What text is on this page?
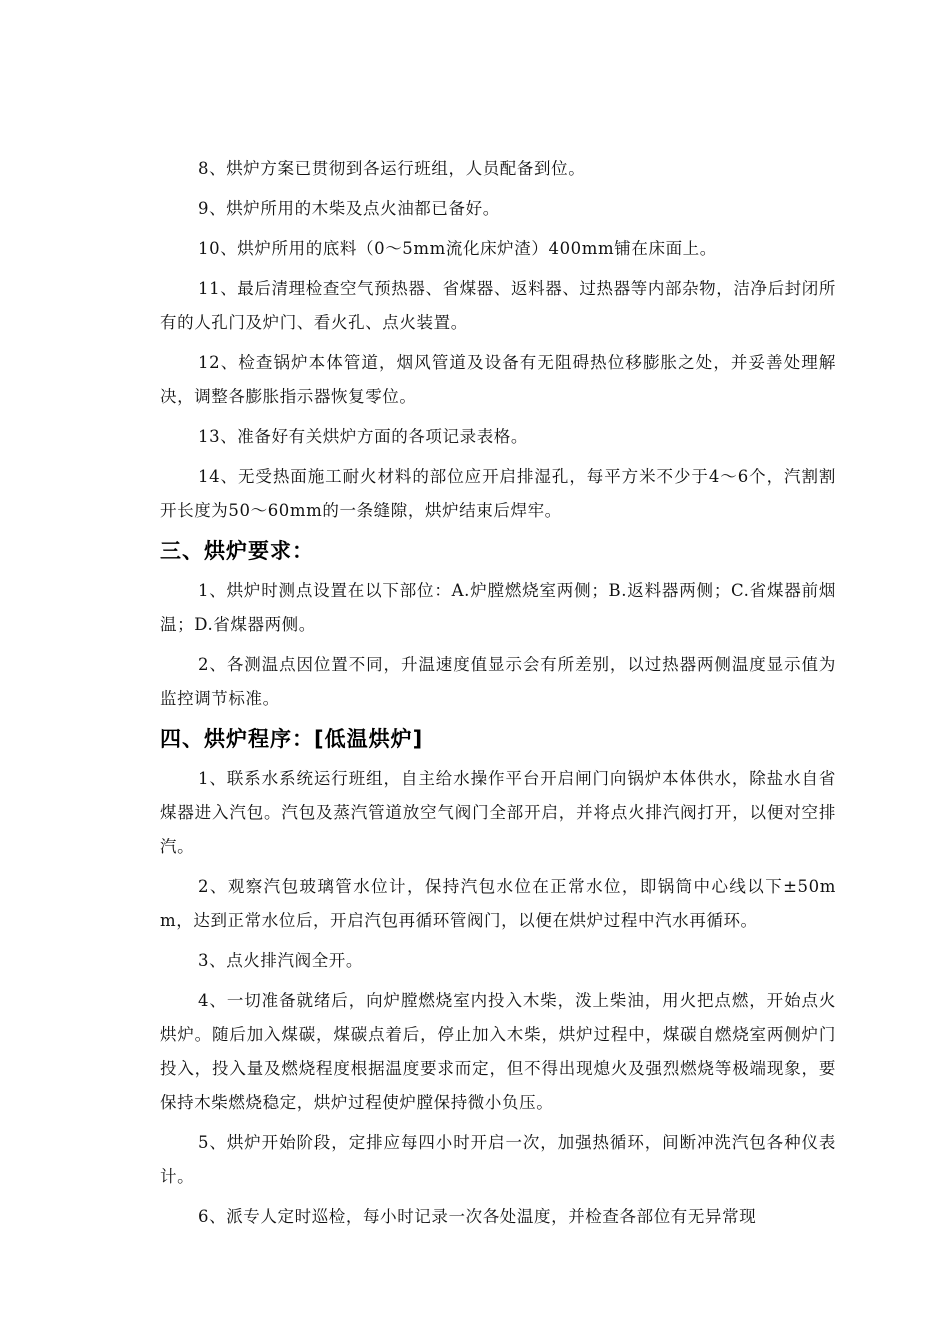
8、烘炉方案已贯彻到各运行班组，人员配备到位。

9、烘炉所用的木柴及点火油都已备好。

10、烘炉所用的底料（0～5mm流化床炉渣）400mm铺在床面上。

11、最后清理检查空气预热器、省煤器、返料器、过热器等内部杂物，洁净后封闭所有的人孔门及炉门、看火孔、点火装置。

12、检查锅炉本体管道，烟风管道及设备有无阻碍热位移膨胀之处，并妥善处理解决，调整各膨胀指示器恢复零位。

13、准备好有关烘炉方面的各项记录表格。

14、无受热面施工耐火材料的部位应开启排湿孔，每平方米不少于4～6个，汽割割开长度为50～60mm的一条缝隙，烘炉结束后焊牢。

三、烘炉要求：

1、烘炉时测点设置在以下部位：A.炉膛燃烧室两侧；B.返料器两侧；C.省煤器前烟温；D.省煤器两侧。

2、各测温点因位置不同，升温速度值显示会有所差别，以过热器两侧温度显示值为监控调节标准。

四、烘炉程序：[低温烘炉]

1、联系水系统运行班组，自主给水操作平台开启闸门向锅炉本体供水，除盐水自省煤器进入汽包。汽包及蒸汽管道放空气阀门全部开启，并将点火排汽阀打开，以便对空排汽。

2、观察汽包玻璃管水位计，保持汽包水位在正常水位，即锅筒中心线以下±50mm，达到正常水位后，开启汽包再循环管阀门，以便在烘炉过程中汽水再循环。

3、点火排汽阀全开。

4、一切准备就绪后，向炉膛燃烧室内投入木柴，泼上柴油，用火把点燃，开始点火烘炉。随后加入煤碳，煤碳点着后，停止加入木柴，烘炉过程中，煤碳自燃烧室两侧炉门投入，投入量及燃烧程度根据温度要求而定，但不得出现熄火及强烈燃烧等极端现象，要保持木柴燃烧稳定，烘炉过程使炉膛保持微小负压。

5、烘炉开始阶段，定排应每四小时开启一次，加强热循环，间断冲洗汽包各种仪表计。

6、派专人定时巡检，每小时记录一次各处温度，并检查各部位有无异常现
